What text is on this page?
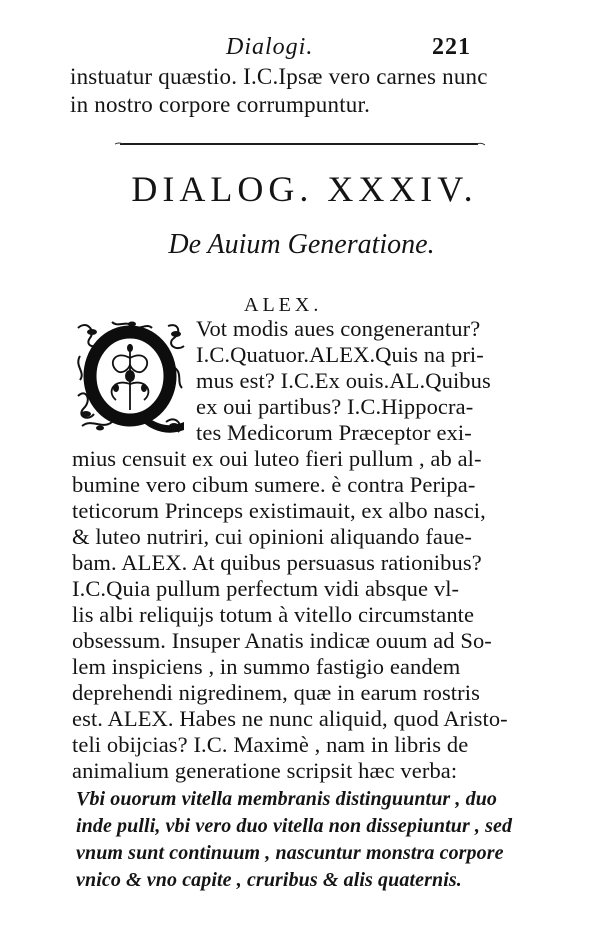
Dialogi.	221
instuatur quæstio. I.C.Ipsæ vero carnes nunc
in nostro corpore corrumpuntur.
DIALOG. XXXIV.
De Auium Generatione.
ALEX.
Vot modis aues congenerantur?
I.C.Quatuor.ALEX.Quis na pri-
mus est? I.C.Ex ouis.AL.Quibus
ex oui partibus? I.C.Hippocra-
tes Medicorum Præceptor exi-
mius censuit ex oui luteo fieri pullum , ab al-
bumine vero cibum sumere. è contra Peripa-
teticorum Princeps existimauit, ex albo nasci,
& luteo nutriri, cui opinioni aliquando faue-
bam. ALEX. At quibus persuasus rationibus?
I.C.Quia pullum perfectum vidi absque vl-
lis albi reliquijs totum à vitello circumstante
obsessum. Insuper Anatis indicæ ouum ad So-
lem inspiciens , in summo fastigio eandem
deprehendi nigredinem, quæ in earum rostris
est. ALEX. Habes ne nunc aliquid, quod Aristo-
teli obijcias? I.C. Maximè , nam in libris de
animalium generatione scripsit hæc verba:
Vbi ouorum vitella membranis distinguuntur , duo
inde pulli, vbi vero duo vitella non dissepiuntur , sed
vnum sunt continuum , nascuntur monstra corpore
vnico & vno capite , cruribus & alis quaternis.
